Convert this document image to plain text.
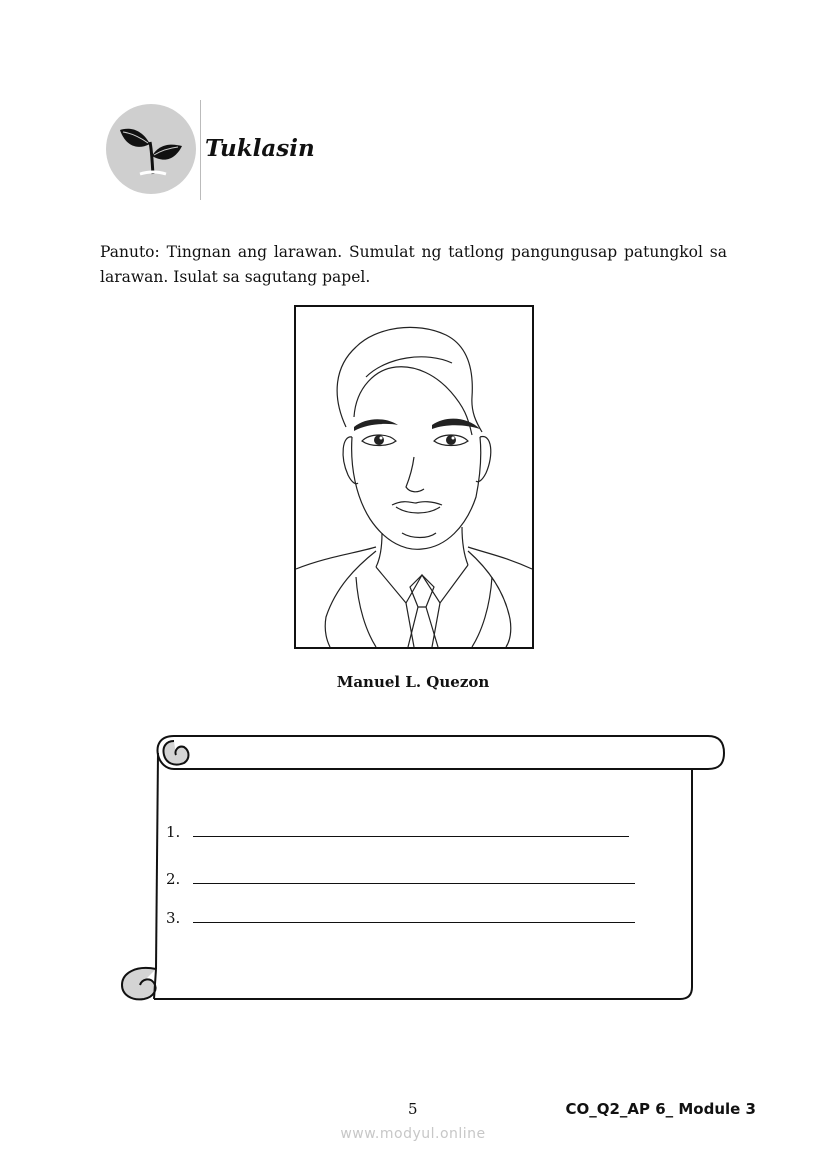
Tuklasin
Panuto: Tingnan ang larawan. Sumulat ng tatlong pangungusap patungkol sa larawan. Isulat sa sagutang papel.
Manuel L. Quezon
1.
2.
3.
5	CO_Q2_AP 6_ Module 3
www.modyul.online
